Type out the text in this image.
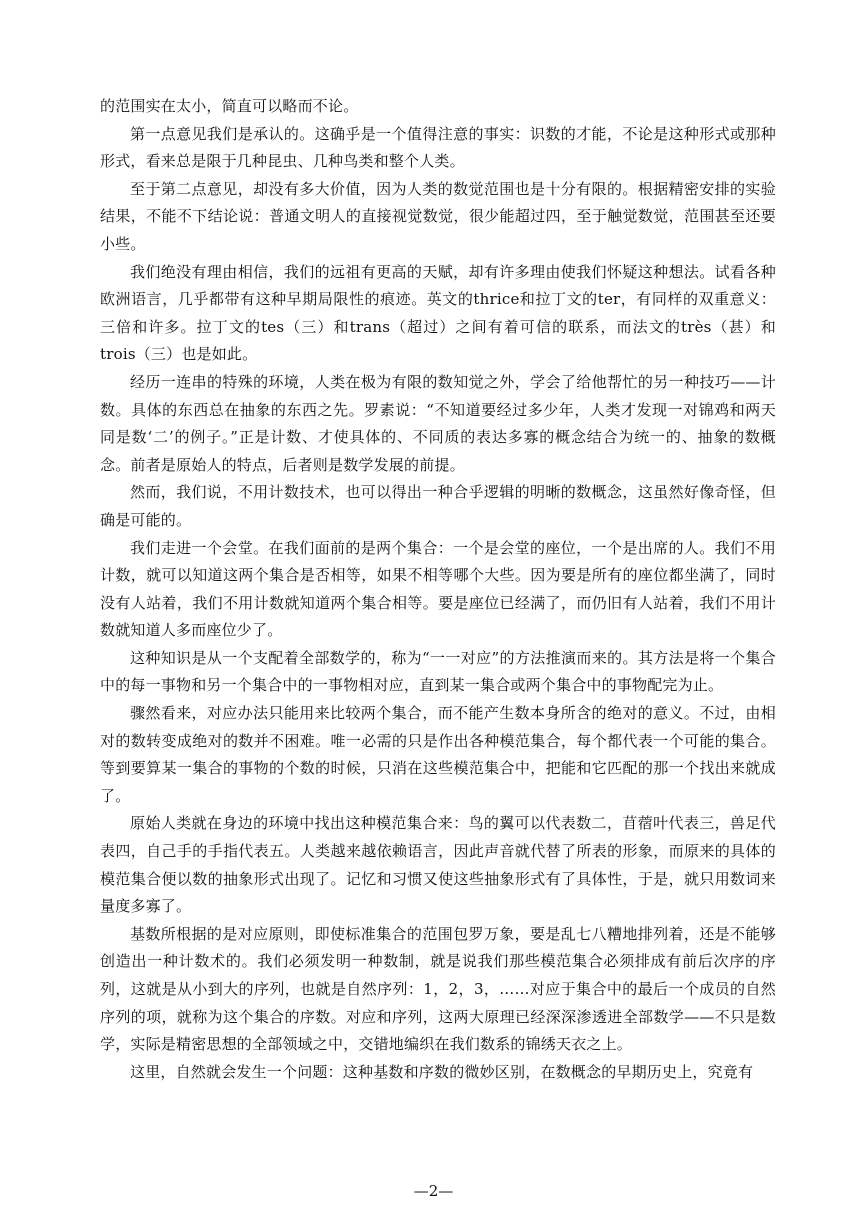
的范围实在太小，简直可以略而不论。

第一点意见我们是承认的。这确乎是一个值得注意的事实：识数的才能，不论是这种形式或那种形式，看来总是限于几种昆虫、几种鸟类和整个人类。

至于第二点意见，却没有多大价值，因为人类的数觉范围也是十分有限的。根据精密安排的实验结果，不能不下结论说：普通文明人的直接视觉数觉，很少能超过四，至于触觉数觉，范围甚至还要小些。

我们绝没有理由相信，我们的远祖有更高的天赋，却有许多理由使我们怀疑这种想法。试看各种欧洲语言，几乎都带有这种早期局限性的痕迹。英文的thrice和拉丁文的ter，有同样的双重意义：三倍和许多。拉丁文的tes（三）和trans（超过）之间有着可信的联系，而法文的très（甚）和trois（三）也是如此。

经历一连串的特殊的环境，人类在极为有限的数知觉之外，学会了给他帮忙的另一种技巧——计数。具体的东西总在抽象的东西之先。罗素说：“不知道要经过多少年，人类才发现一对锦鸡和两天同是数‘二’的例子。”正是计数、才使具体的、不同质的表达多寡的概念结合为统一的、抽象的数概念。前者是原始人的特点，后者则是数学发展的前提。

然而，我们说，不用计数技术，也可以得出一种合乎逻辑的明晰的数概念，这虽然好像奇怪，但确是可能的。

我们走进一个会堂。在我们面前的是两个集合：一个是会堂的座位，一个是出席的人。我们不用计数，就可以知道这两个集合是否相等，如果不相等哪个大些。因为要是所有的座位都坐满了，同时没有人站着，我们不用计数就知道两个集合相等。要是座位已经满了，而仍旧有人站着，我们不用计数就知道人多而座位少了。

这种知识是从一个支配着全部数学的，称为“一一对应”的方法推演而来的。其方法是将一个集合中的每一事物和另一个集合中的一事物相对应，直到某一集合或两个集合中的事物配完为止。

骤然看来，对应办法只能用来比较两个集合，而不能产生数本身所含的绝对的意义。不过，由相对的数转变成绝对的数并不困难。唯一必需的只是作出各种模范集合，每个都代表一个可能的集合。等到要算某一集合的事物的个数的时候，只消在这些模范集合中，把能和它匹配的那一个找出来就成了。

原始人类就在身边的环境中找出这种模范集合来：鸟的翼可以代表数二，苜蓿叶代表三，兽足代表四，自己手的手指代表五。人类越来越依赖语言，因此声音就代替了所表的形象，而原来的具体的模范集合便以数的抽象形式出现了。记忆和习惯又使这些抽象形式有了具体性，于是，就只用数词来量度多寡了。

基数所根据的是对应原则，即使标准集合的范围包罗万象，要是乱七八糟地排列着，还是不能够创造出一种计数术的。我们必须发明一种数制，就是说我们那些模范集合必须排成有前后次序的序列，这就是从小到大的序列，也就是自然序列：1，2，3，……对应于集合中的最后一个成员的自然序列的项，就称为这个集合的序数。对应和序列，这两大原理已经深深渗透进全部数学——不只是数学，实际是精密思想的全部领域之中，交错地编织在我们数系的锦绣天衣之上。

这里，自然就会发生一个问题：这种基数和序数的微妙区别，在数概念的早期历史上，究竟有

—2—
